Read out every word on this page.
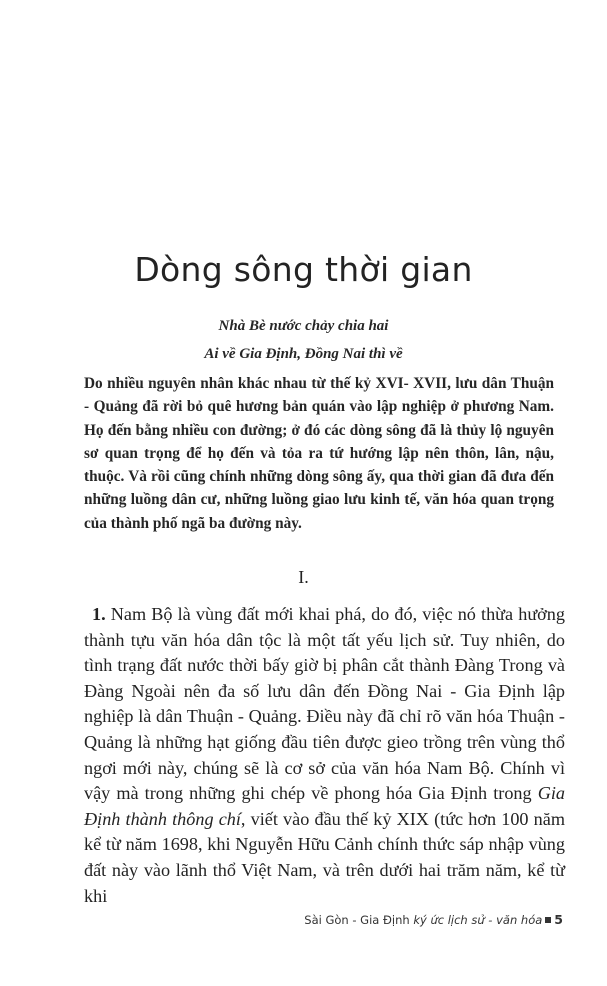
Dòng sông thời gian
Nhà Bè nước chảy chia hai
Ai về Gia Định, Đồng Nai thì về

Do nhiều nguyên nhân khác nhau từ thế kỷ XVI- XVII, lưu dân Thuận - Quảng đã rời bỏ quê hương bản quán vào lập nghiệp ở phương Nam. Họ đến bằng nhiều con đường; ở đó các dòng sông đã là thủy lộ nguyên sơ quan trọng để họ đến và tỏa ra tứ hướng lập nên thôn, lân, nậu, thuộc. Và rồi cũng chính những dòng sông ấy, qua thời gian đã đưa đến những luồng dân cư, những luồng giao lưu kinh tế, văn hóa quan trọng của thành phố ngã ba đường này.

I.

1. Nam Bộ là vùng đất mới khai phá, do đó, việc nó thừa hưởng thành tựu văn hóa dân tộc là một tất yếu lịch sử. Tuy nhiên, do tình trạng đất nước thời bấy giờ bị phân cắt thành Đàng Trong và Đàng Ngoài nên đa số lưu dân đến Đồng Nai - Gia Định lập nghiệp là dân Thuận - Quảng. Điều này đã chỉ rõ văn hóa Thuận - Quảng là những hạt giống đầu tiên được gieo trồng trên vùng thổ ngơi mới này, chúng sẽ là cơ sở của văn hóa Nam Bộ. Chính vì vậy mà trong những ghi chép về phong hóa Gia Định trong Gia Định thành thông chí, viết vào đầu thế kỷ XIX (tức hơn 100 năm kể từ năm 1698, khi Nguyễn Hữu Cảnh chính thức sáp nhập vùng đất này vào lãnh thổ Việt Nam, và trên dưới hai trăm năm, kể từ khi

Sài Gòn - Gia Định ký ức lịch sử - văn hóa 5
